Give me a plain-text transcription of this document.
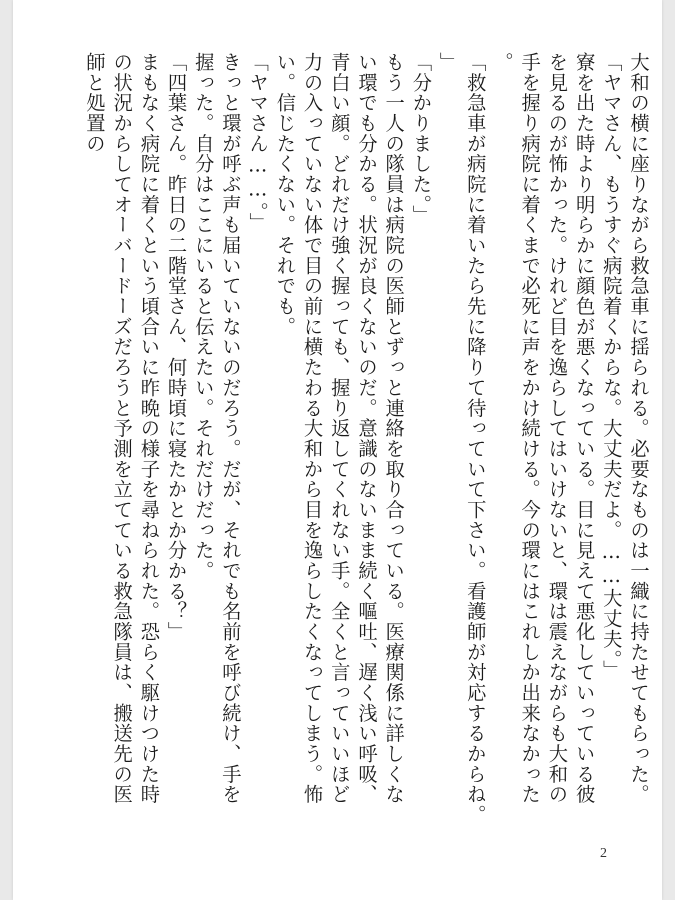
大和の横に座りながら救急車に揺られる。必要なものは一織に持たせてもらった。

「ヤマさん、もうすぐ病院着くからな。大丈夫だよ。……大丈夫。」

寮を出た時より明らかに顔色が悪くなっている。目に見えて悪化していっている彼を見るのが怖かった。けれど目を逸らしてはいけないと、環は震えながらも大和の手を握り病院に着くまで必死に声をかけ続ける。今の環にはこれしか出来なかった。

「救急車が病院に着いたら先に降りて待っていて下さい。看護師が対応するからね。」

「分かりました。」

もう一人の隊員は病院の医師とずっと連絡を取り合っている。医療関係に詳しくない環でも分かる。状況が良くないのだ。意識のないまま続く嘔吐、遅く浅い呼吸、青白い顔。どれだけ強く握っても、握り返してくれない手。全くと言っていいほど力の入っていない体で目の前に横たわる大和から目を逸らしたくなってしまう。怖い。信じたくない。それでも。

「ヤマさん……。」

きっと環が呼ぶ声も届いていないのだろう。だが、それでも名前を呼び続け、手を握った。自分はここにいると伝えたい。それだけだった。

「四葉さん。昨日の二階堂さん、何時頃に寝たかとか分かる？」

まもなく病院に着くという頃合いに昨晩の様子を尋ねられた。恐らく駆けつけた時の状況からしてオーバードーズだろうと予測を立てている救急隊員は、搬送先の医師と処置の

2
